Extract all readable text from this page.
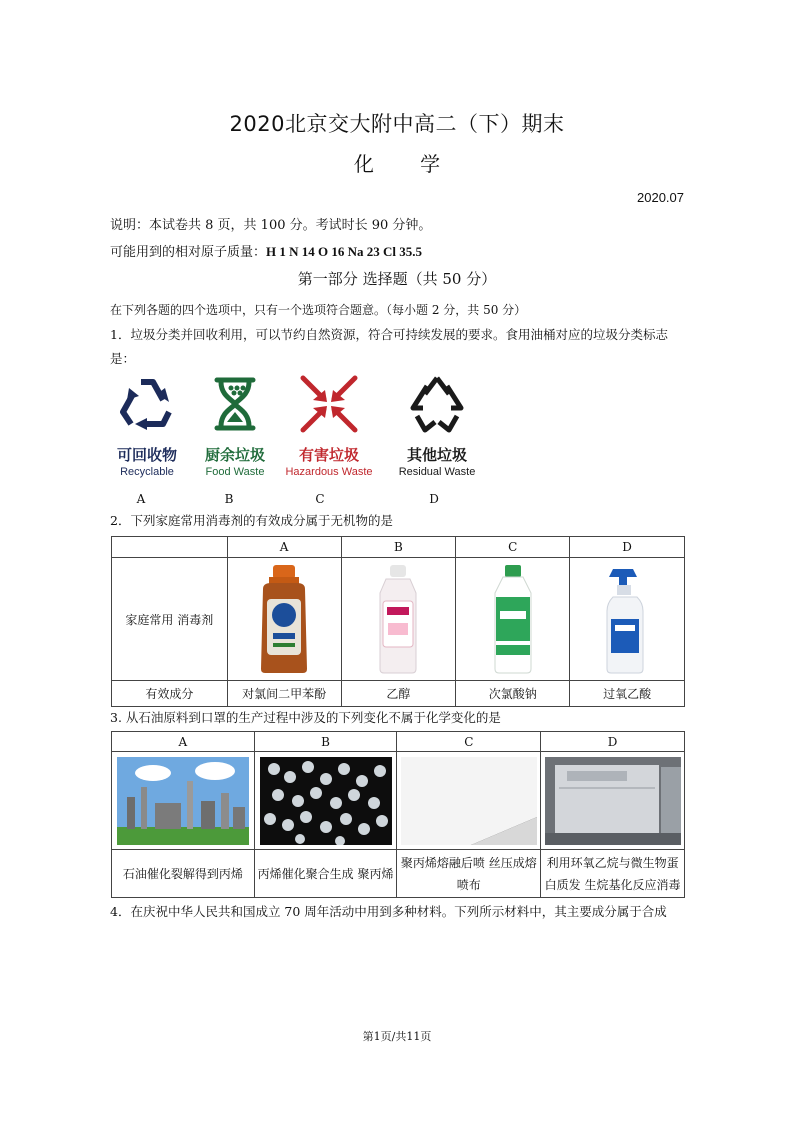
2020北京交大附中高二（下）期末
化 学
2020.07
说明：本试卷共 8 页，共 100 分。考试时长 90 分钟。
可能用到的相对原子质量：H 1 N 14 O 16 Na 23 Cl 35.5
第一部分 选择题（共 50 分）
在下列各题的四个选项中，只有一个选项符合题意。（每小题 2 分，共 50 分）
1．垃圾分类并回收利用，可以节约自然资源，符合可持续发展的要求。食用油桶对应的垃圾分类标志是：
可回收物
Recyclable
厨余垃圾
Food Waste
有害垃圾
Hazardous Waste
其他垃圾
Residual Waste
A	B	C	D
2．下列家庭常用消毒剂的有效成分属于无机物的是
	A	B	C	D
家庭常用 消毒剂	

有效成分	对氯间二甲苯酚	乙醇	次氯酸钠	过氧乙酸
3. 从石油原料到口罩的生产过程中涉及的下列变化不属于化学变化的是
A	B	C	D

石油催化裂解得到丙烯	丙烯催化聚合生成 聚丙烯	聚丙烯熔融后喷 丝压成熔喷布	利用环氧乙烷与微生物蛋白质发 生烷基化反应消毒
4．在庆祝中华人民共和国成立 70 周年活动中用到多种材料。下列所示材料中，其主要成分属于合成
第1页/共11页
